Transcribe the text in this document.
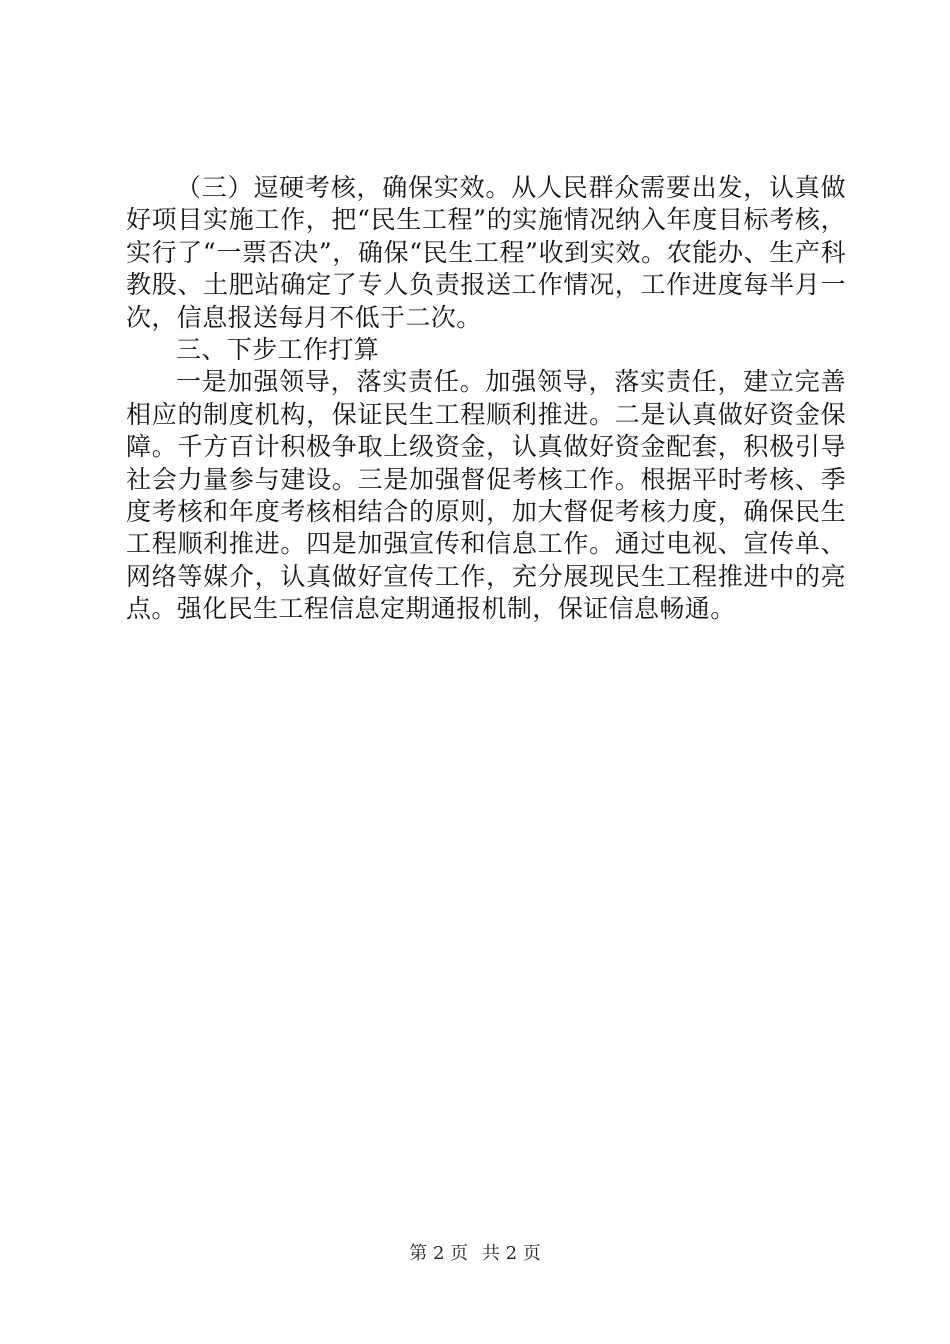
（三）逗硬考核，确保实效。从人民群众需要出发，认真做好项目实施工作，把“民生工程”的实施情况纳入年度目标考核，实行了“一票否决”，确保“民生工程”收到实效。农能办、生产科教股、土肥站确定了专人负责报送工作情况，工作进度每半月一次，信息报送每月不低于二次。

三、下步工作打算

一是加强领导，落实责任。加强领导，落实责任，建立完善相应的制度机构，保证民生工程顺利推进。二是认真做好资金保障。千方百计积极争取上级资金，认真做好资金配套，积极引导社会力量参与建设。三是加强督促考核工作。根据平时考核、季度考核和年度考核相结合的原则，加大督促考核力度，确保民生工程顺利推进。四是加强宣传和信息工作。通过电视、宣传单、网络等媒介，认真做好宣传工作，充分展现民生工程推进中的亮点。强化民生工程信息定期通报机制，保证信息畅通。

第 2 页 共 2 页
